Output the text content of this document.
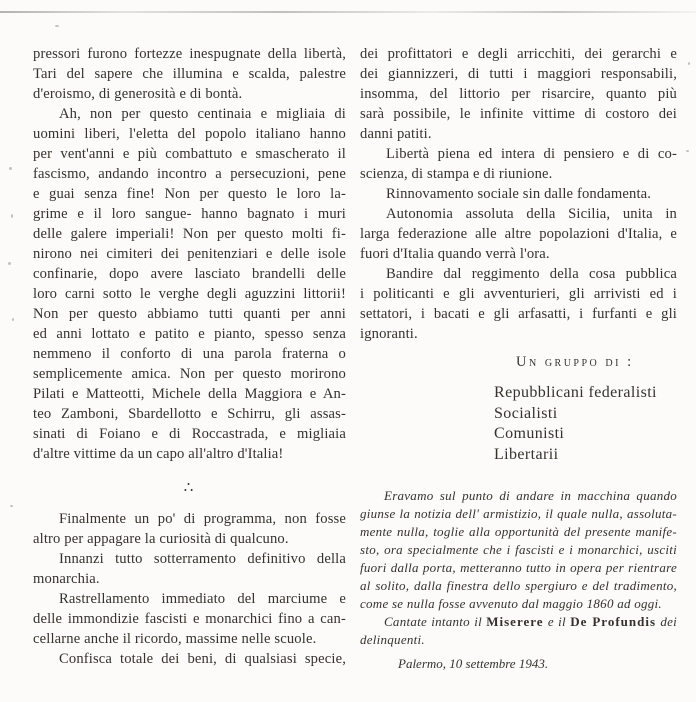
pressori furono fortezze inespugnate della libertà,
Tari del sapere che illumina e scalda, palestre
d'eroismo, di generosità e di bontà.
Ah, non per questo centinaia e migliaia di
uomini liberi, l'eletta del popolo italiano hanno
per vent'anni e più combattuto e smascherato il
fascismo, andando incontro a persecuzioni, pene
e guai senza fine! Non per questo le loro la-
grime e il loro sangue- hanno bagnato i muri
delle galere imperiali! Non per questo molti fi-
nirono nei cimiteri dei penitenziari e delle isole
confinarie, dopo avere lasciato brandelli delle
loro carni sotto le verghe degli aguzzini littorii!
Non per questo abbiamo tutti quanti per anni
ed anni lottato e patito e pianto, spesso senza
nemmeno il conforto di una parola fraterna o
semplicemente amica. Non per questo morirono
Pilati e Matteotti, Michele della Maggiora e An-
teo Zamboni, Sbardellotto e Schirru, gli assas-
sinati di Foiano e di Roccastrada, e migliaia
d'altre vittime da un capo all'altro d'Italia!
∴
Finalmente un po' di programma, non fosse
altro per appagare la curiosità di qualcuno.
Innanzi tutto sotterramento definitivo della
monarchia.
Rastrellamento immediato del marciume e
delle immondizie fascisti e monarchici fino a can-
cellarne anche il ricordo, massime nelle scuole.
Confisca totale dei beni, di qualsiasi specie,
dei profittatori e degli arricchiti, dei gerarchi e
dei giannizzeri, di tutti i maggiori responsabili,
insomma, del littorio per risarcire, quanto più
sarà possibile, le infinite vittime di costoro dei
danni patiti.
Libertà piena ed intera di pensiero e di co-
scienza, di stampa e di riunione.
Rinnovamento sociale sin dalle fondamenta.
Autonomia assoluta della Sicilia, unita in
larga federazione alle altre popolazioni d'Italia, e
fuori d'Italia quando verrà l'ora.
Bandire dal reggimento della cosa pubblica
i politicanti e gli avventurieri, gli arrivisti ed i
settatori, i bacati e gli arfasatti, i furfanti e gli
ignoranti.
Un gruppo di :
Repubblicani federalisti
Socialisti
Comunisti
Libertarii
Eravamo sul punto di andare in macchina quando
giunse la notizia dell' armistizio, il quale nulla, assoluta-
mente nulla, toglie alla opportunità del presente manife-
sto, ora specialmente che i fascisti e i monarchici, usciti
fuori dalla porta, metteranno tutto in opera per rientrare
al solito, dalla finestra dello spergiuro e del tradimento,
come se nulla fosse avvenuto dal maggio 1860 ad oggi.
Cantate intanto il Miserere e il De Profundis dei
delinquenti.
Palermo, 10 settembre 1943.
